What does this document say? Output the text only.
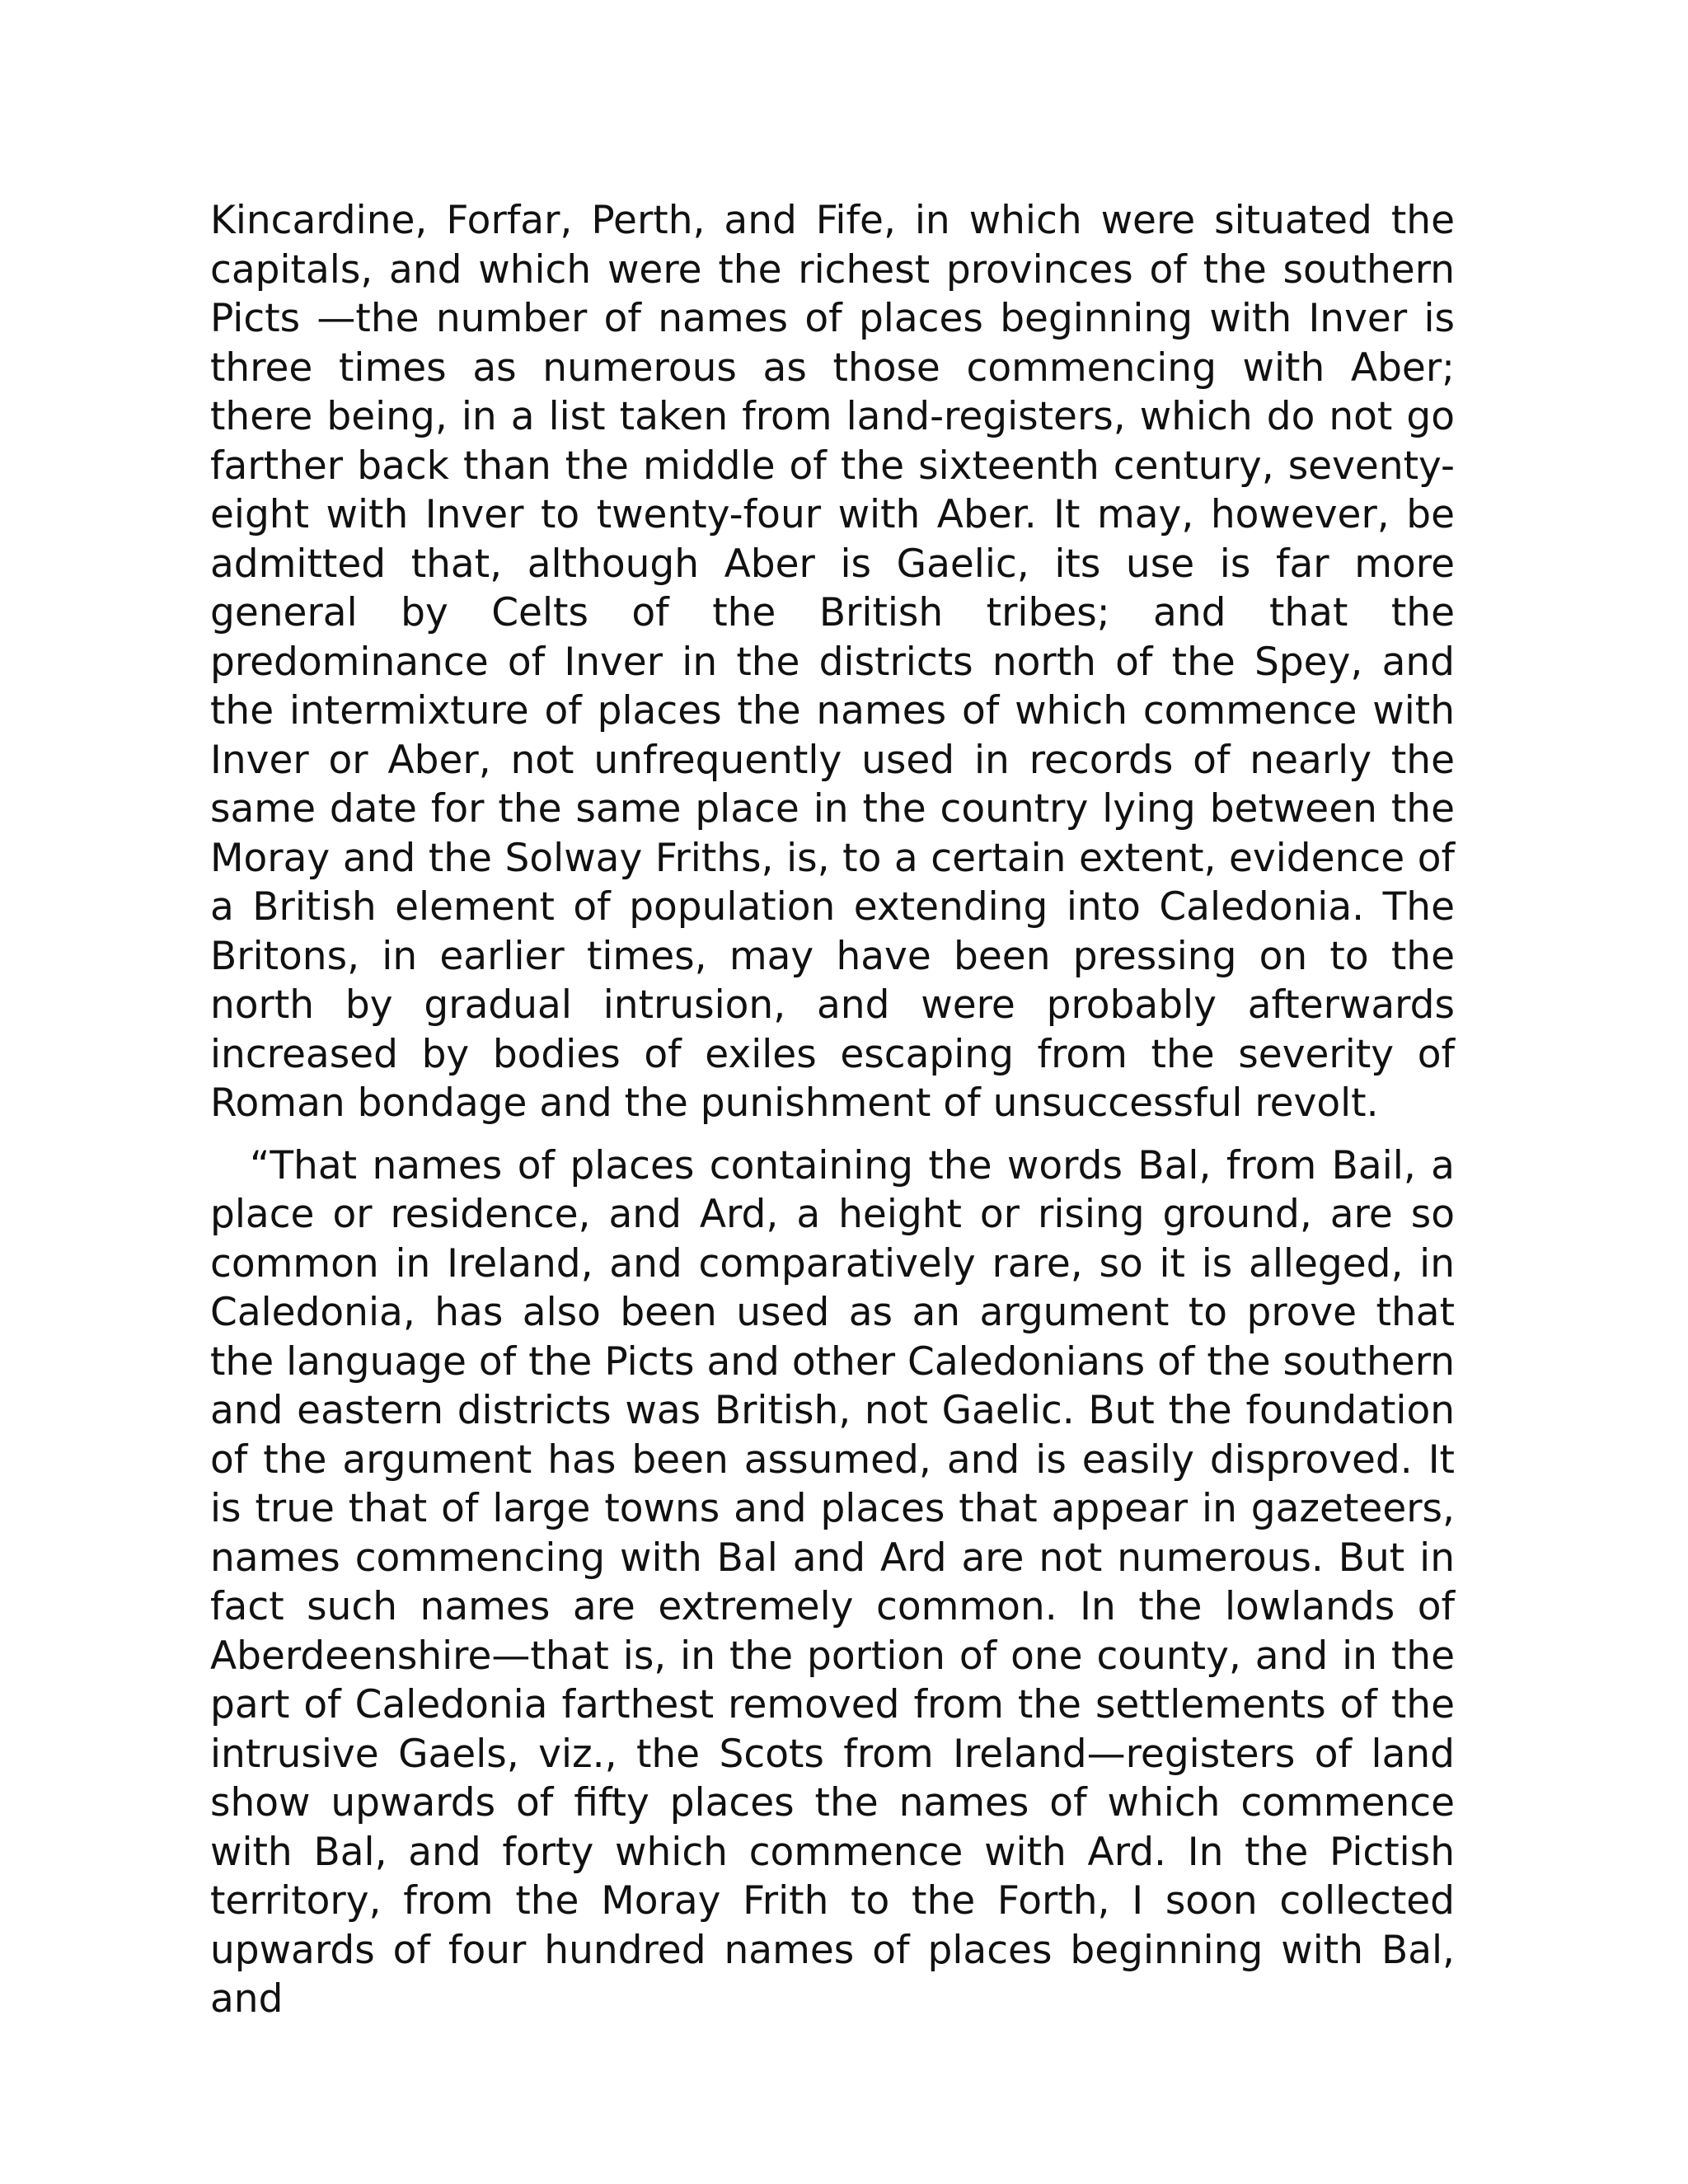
Kincardine, Forfar, Perth, and Fife, in which were situated the capitals, and which were the richest provinces of the southern Picts —the number of names of places beginning with Inver is three times as numerous as those commencing with Aber; there being, in a list taken from land-registers, which do not go farther back than the middle of the sixteenth century, seventy-eight with Inver to twenty-four with Aber. It may, however, be admitted that, although Aber is Gaelic, its use is far more general by Celts of the British tribes; and that the predominance of Inver in the districts north of the Spey, and the intermixture of places the names of which commence with Inver or Aber, not unfrequently used in records of nearly the same date for the same place in the country lying between the Moray and the Solway Friths, is, to a certain extent, evidence of a British element of population extending into Caledonia. The Britons, in earlier times, may have been pressing on to the north by gradual intrusion, and were probably afterwards increased by bodies of exiles escaping from the severity of Roman bondage and the punishment of unsuccessful revolt.

“That names of places containing the words Bal, from Bail, a place or residence, and Ard, a height or rising ground, are so common in Ireland, and comparatively rare, so it is alleged, in Caledonia, has also been used as an argument to prove that the language of the Picts and other Caledonians of the southern and eastern districts was British, not Gaelic. But the foundation of the argument has been assumed, and is easily disproved. It is true that of large towns and places that appear in gazeteers, names commencing with Bal and Ard are not numerous. But in fact such names are extremely common. In the lowlands of Aberdeenshire—that is, in the portion of one county, and in the part of Caledonia farthest removed from the settlements of the intrusive Gaels, viz., the Scots from Ireland—registers of land show upwards of fifty places the names of which commence with Bal, and forty which commence with Ard. In the Pictish territory, from the Moray Frith to the Forth, I soon collected upwards of four hundred names of places beginning with Bal, and
